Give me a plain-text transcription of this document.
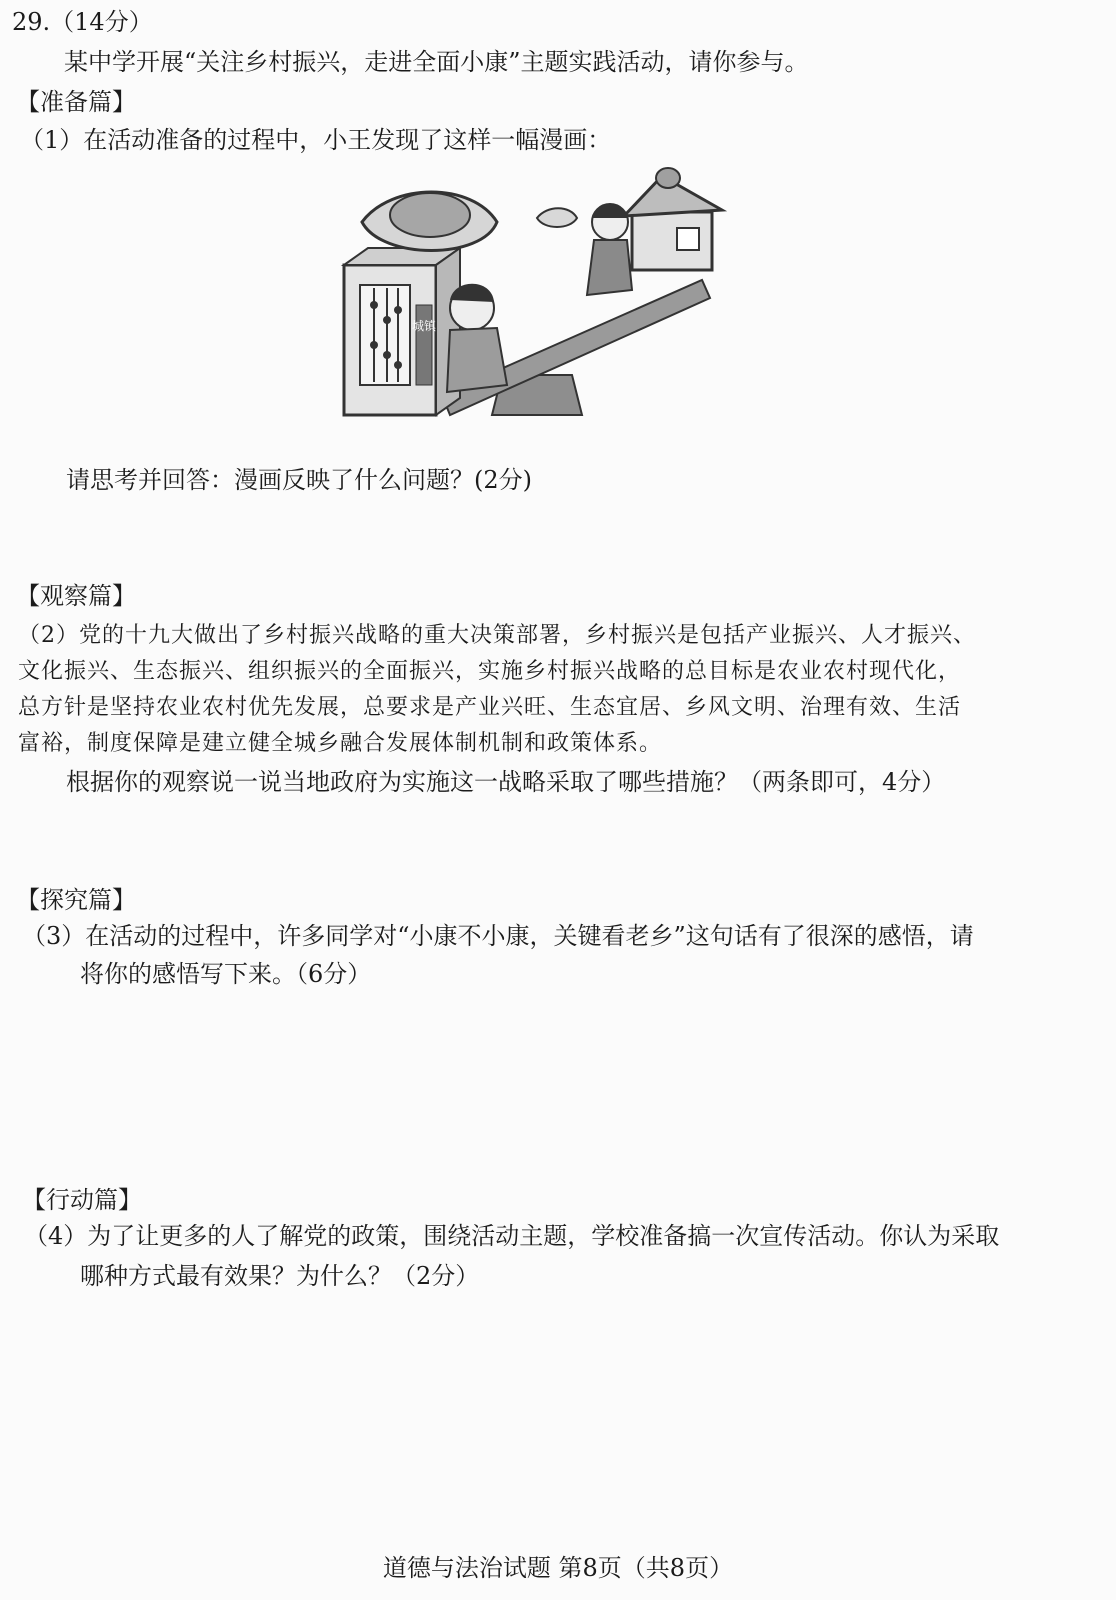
29.（14分）
某中学开展“关注乡村振兴，走进全面小康”主题实践活动，请你参与。
【准备篇】
（1）在活动准备的过程中，小王发现了这样一幅漫画：
城镇
请思考并回答：漫画反映了什么问题？(2分)
【观察篇】
（2）党的十九大做出了乡村振兴战略的重大决策部署，乡村振兴是包括产业振兴、人才振兴、
文化振兴、生态振兴、组织振兴的全面振兴，实施乡村振兴战略的总目标是农业农村现代化，
总方针是坚持农业农村优先发展，总要求是产业兴旺、生态宜居、乡风文明、治理有效、生活
富裕，制度保障是建立健全城乡融合发展体制机制和政策体系。
根据你的观察说一说当地政府为实施这一战略采取了哪些措施？（两条即可，4分）
【探究篇】
（3）在活动的过程中，许多同学对“小康不小康，关键看老乡”这句话有了很深的感悟，请
将你的感悟写下来。（6分）
【行动篇】
（4）为了让更多的人了解党的政策，围绕活动主题，学校准备搞一次宣传活动。你认为采取
哪种方式最有效果？为什么？（2分）
道德与法治试题 第8页（共8页）
